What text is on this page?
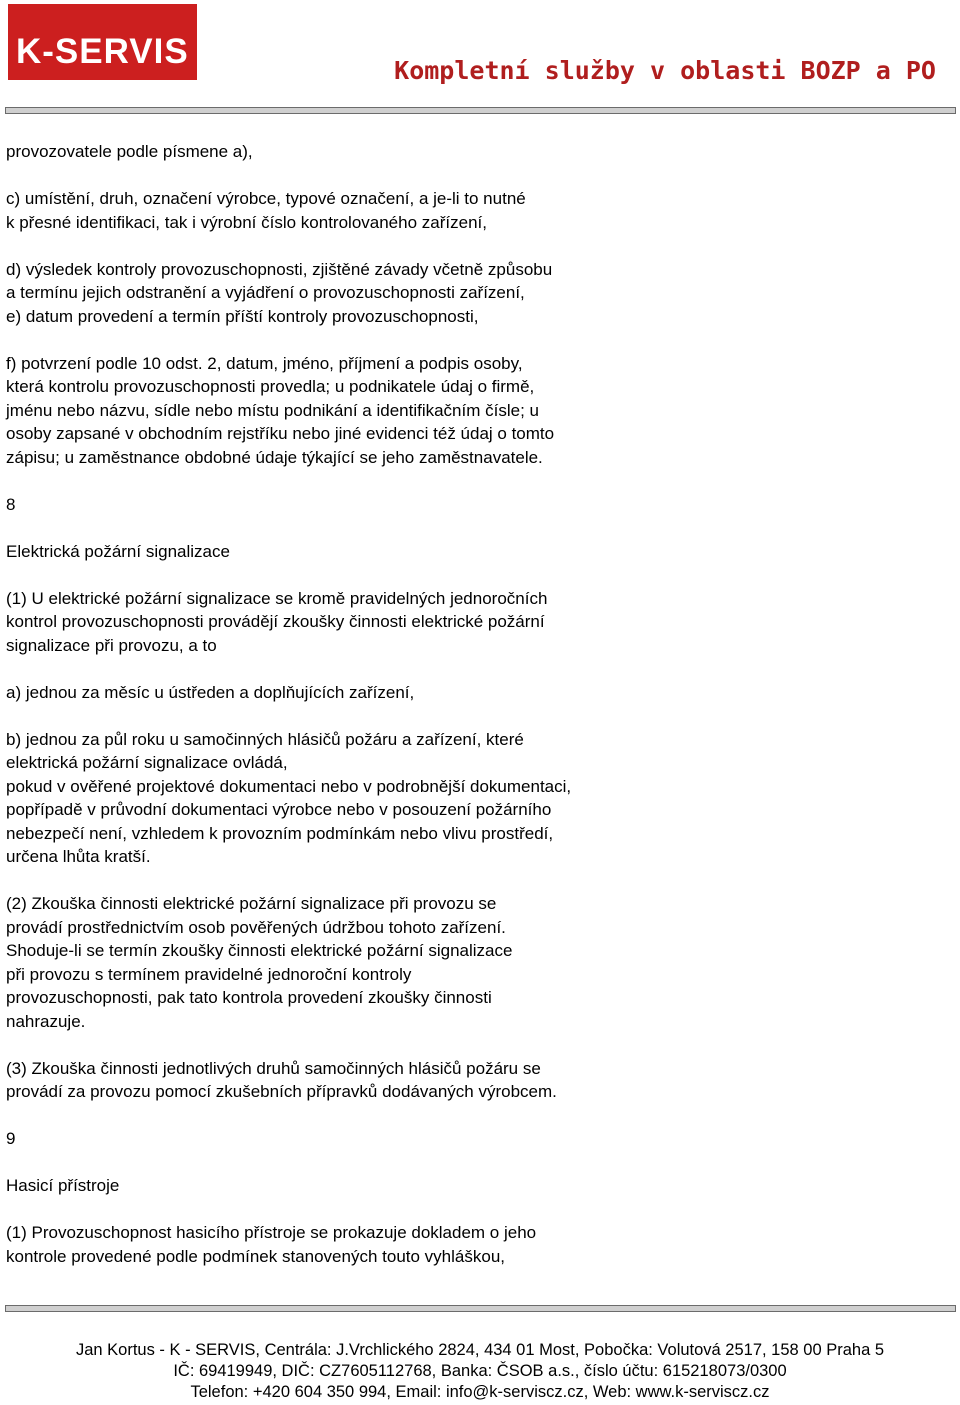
K-SERVIS	Kompletní služby v oblasti BOZP a PO

provozovatele podle písmene a),

c) umístění, druh, označení výrobce, typové označení, a je-li to nutné
k přesné identifikaci, tak i výrobní číslo kontrolovaného zařízení,

d) výsledek kontroly provozuschopnosti, zjištěné závady včetně způsobu
a termínu jejich odstranění a vyjádření o provozuschopnosti zařízení,
e) datum provedení a termín příští kontroly provozuschopnosti,

f) potvrzení podle 10 odst. 2, datum, jméno, příjmení a podpis osoby,
která kontrolu provozuschopnosti provedla; u podnikatele údaj o firmě,
jménu nebo názvu, sídle nebo místu podnikání a identifikačním čísle; u
osoby zapsané v obchodním rejstříku nebo jiné evidenci též údaj o tomto
zápisu; u zaměstnance obdobné údaje týkající se jeho zaměstnavatele.

8

Elektrická požární signalizace

(1) U elektrické požární signalizace se kromě pravidelných jednoročních
kontrol provozuschopnosti provádějí zkoušky činnosti elektrické požární
signalizace při provozu, a to

a) jednou za měsíc u ústředen a doplňujících zařízení,

b) jednou za půl roku u samočinných hlásičů požáru a zařízení, které
elektrická požární signalizace ovládá,
pokud v ověřené projektové dokumentaci nebo v podrobnější dokumentaci,
popřípadě v průvodní dokumentaci výrobce nebo v posouzení požárního
nebezpečí není, vzhledem k provozním podmínkám nebo vlivu prostředí,
určena lhůta kratší.

(2) Zkouška činnosti elektrické požární signalizace při provozu se
provádí prostřednictvím osob pověřených údržbou tohoto zařízení.
Shoduje-li se termín zkoušky činnosti elektrické požární signalizace
při provozu s termínem pravidelné jednoroční kontroly
provozuschopnosti, pak tato kontrola provedení zkoušky činnosti
nahrazuje.

(3) Zkouška činnosti jednotlivých druhů samočinných hlásičů požáru se
provádí za provozu pomocí zkušebních přípravků dodávaných výrobcem.

9

Hasicí přístroje

(1) Provozuschopnost hasicího přístroje se prokazuje dokladem o jeho
kontrole provedené podle podmínek stanovených touto vyhláškou,

Jan Kortus - K - SERVIS, Centrála: J.Vrchlického 2824, 434 01 Most, Pobočka: Volutová 2517, 158 00 Praha 5
IČ: 69419949, DIČ: CZ7605112768, Banka: ČSOB a.s., číslo účtu: 615218073/0300
Telefon: +420 604 350 994, Email: info@k-serviscz.cz, Web: www.k-serviscz.cz
